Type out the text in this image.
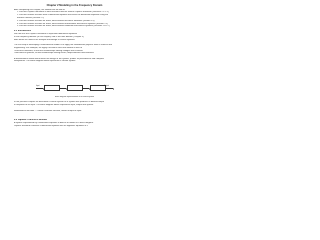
Chapter 2 Modeling in the Frequency Domain
After completing this chapter, the student will be able to:
1. Find the Laplace transform of time functions and the inverse Laplace transform (Sections 2.1-2.2)
2. Find the transfer function from a differential equation and solve the differential equation using the
transfer function (Section 2.3)
3. Find the transfer function for linear, time-invariant electrical networks (Section 2.4)
4. Find the transfer function for linear, time-invariant translational mechanical systems (Section 2.5)
5. Find the transfer function for linear, time-invariant rotational mechanical systems (Sections 2.6-2.7)
2.1 Introduction
We now use the Laplace transform to represent differential equations
in the frequency domain (in this chapter) and in the time domain (Chapter 3).
Both forms are used in the analysis and design of control systems.
The first step in developing a mathematical model is to apply the fundamental physical laws of science and
engineering. For example, we apply Kirchhoff's laws and Newton's laws to
• Electrical networks, to find the relationships among voltages and currents.
• Mechanical systems, to find relationships among forces, displacements and velocities.
A mathematical model would allow the design of the system, predict its performance and compare
subsystems. The block diagram below represents a control system.
Input	Controller	Plant	Sensor	Output
Block diagram representation of a control system
In the previous chapter we described a control system as a system that produces a desired output
in response to an input. The block diagram above represents input, output and system.
Mathematical function — called a transfer function, relates output to input.
2.2 Laplace Transform Review
A system represented by a differential equation is difficult to model as a block diagram.
Laplace transform converts a differential equation into an algebraic equation in s.
